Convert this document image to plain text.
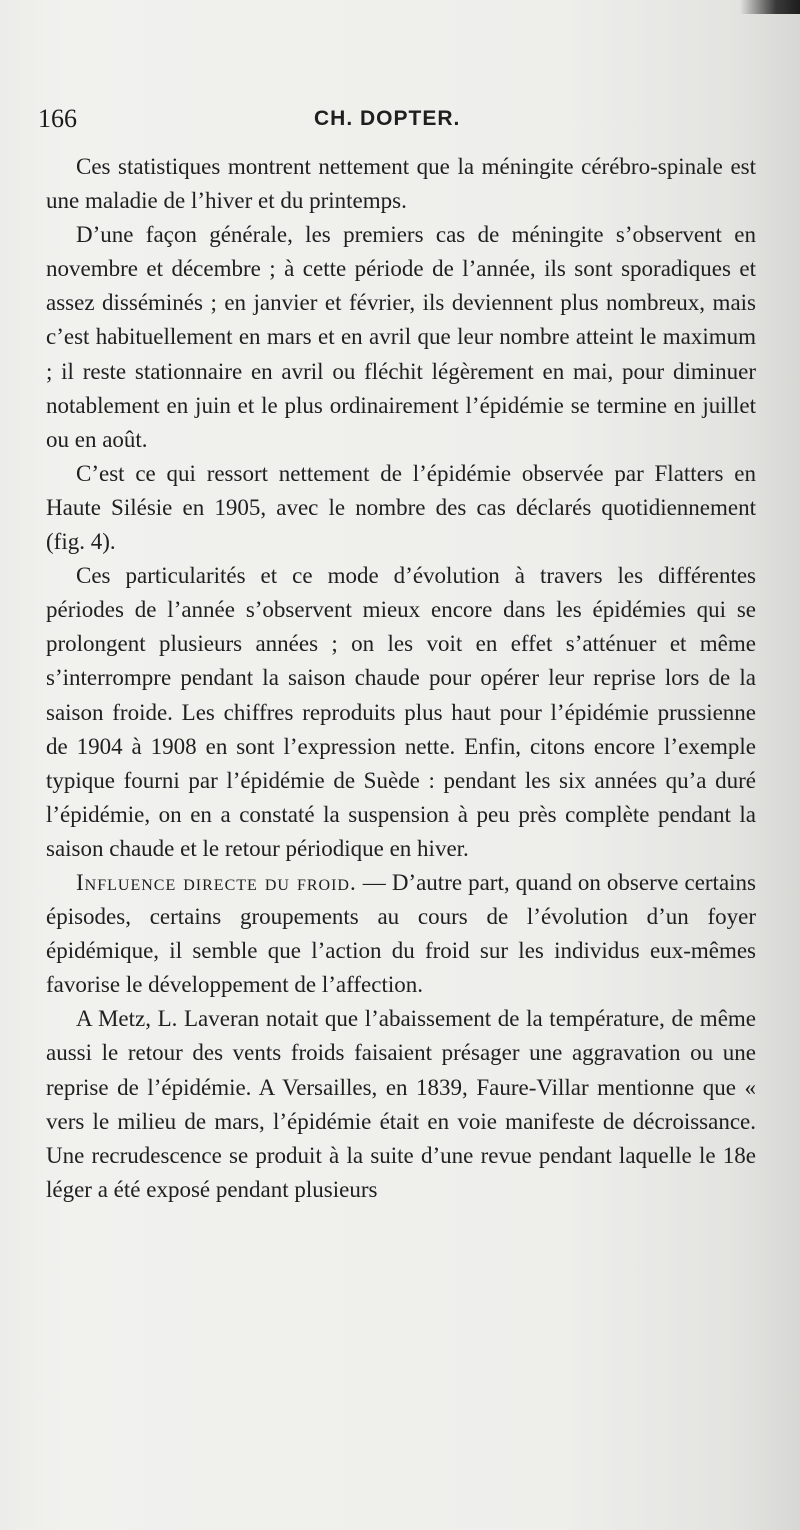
166	CH. DOPTER.

Ces statistiques montrent nettement que la méningite cérébro-spinale est une maladie de l’hiver et du printemps.

D’une façon générale, les premiers cas de méningite s’observent en novembre et décembre ; à cette période de l’année, ils sont sporadiques et assez disséminés ; en janvier et février, ils deviennent plus nombreux, mais c’est habituellement en mars et en avril que leur nombre atteint le maximum ; il reste stationnaire en avril ou fléchit légèrement en mai, pour diminuer notablement en juin et le plus ordinairement l’épidémie se termine en juillet ou en août.

C’est ce qui ressort nettement de l’épidémie observée par Flatters en Haute Silésie en 1905, avec le nombre des cas déclarés quotidiennement (fig. 4).

Ces particularités et ce mode d’évolution à travers les différentes périodes de l’année s’observent mieux encore dans les épidémies qui se prolongent plusieurs années ; on les voit en effet s’atténuer et même s’interrompre pendant la saison chaude pour opérer leur reprise lors de la saison froide. Les chiffres reproduits plus haut pour l’épidémie prussienne de 1904 à 1908 en sont l’expression nette. Enfin, citons encore l’exemple typique fourni par l’épidémie de Suède : pendant les six années qu’a duré l’épidémie, on en a constaté la suspension à peu près complète pendant la saison chaude et le retour périodique en hiver.

Influence directe du froid. — D’autre part, quand on observe certains épisodes, certains groupements au cours de l’évolution d’un foyer épidémique, il semble que l’action du froid sur les individus eux-mêmes favorise le développement de l’affection.

A Metz, L. Laveran notait que l’abaissement de la température, de même aussi le retour des vents froids faisaient présager une aggravation ou une reprise de l’épidémie. A Versailles, en 1839, Faure-Villar mentionne que « vers le milieu de mars, l’épidémie était en voie manifeste de décroissance. Une recrudescence se produit à la suite d’une revue pendant laquelle le 18e léger a été exposé pendant plusieurs
